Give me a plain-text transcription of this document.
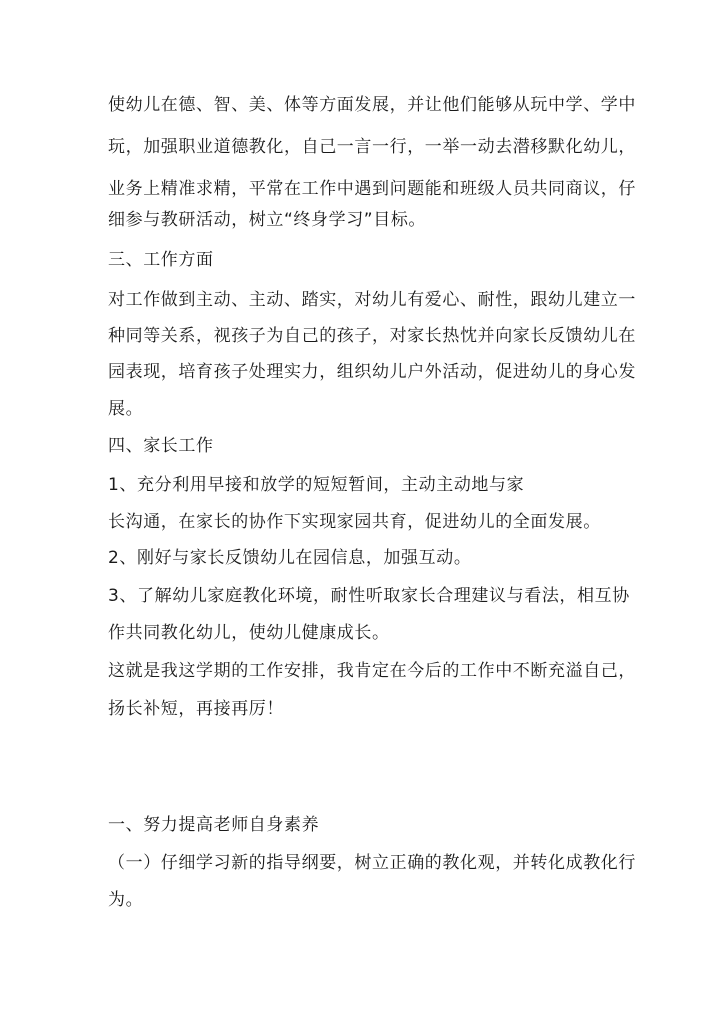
使幼儿在德、智、美、体等方面发展，并让他们能够从玩中学、学中
玩，加强职业道德教化，自己一言一行，一举一动去潜移默化幼儿，
业务上精准求精，平常在工作中遇到问题能和班级人员共同商议，仔
细参与教研活动，树立“终身学习”目标。
三、工作方面
对工作做到主动、主动、踏实，对幼儿有爱心、耐性，跟幼儿建立一
种同等关系，视孩子为自己的孩子，对家长热忱并向家长反馈幼儿在
园表现，培育孩子处理实力，组织幼儿户外活动，促进幼儿的身心发
展。
四、家长工作
1、充分利用早接和放学的短短暂间，主动主动地与家
长沟通，在家长的协作下实现家园共育，促进幼儿的全面发展。
2、刚好与家长反馈幼儿在园信息，加强互动。
3、了解幼儿家庭教化环境，耐性听取家长合理建议与看法，相互协
作共同教化幼儿，使幼儿健康成长。
这就是我这学期的工作安排，我肯定在今后的工作中不断充溢自己，
扬长补短，再接再厉！
一、努力提高老师自身素养
（一）仔细学习新的指导纲要，树立正确的教化观，并转化成教化行
为。
